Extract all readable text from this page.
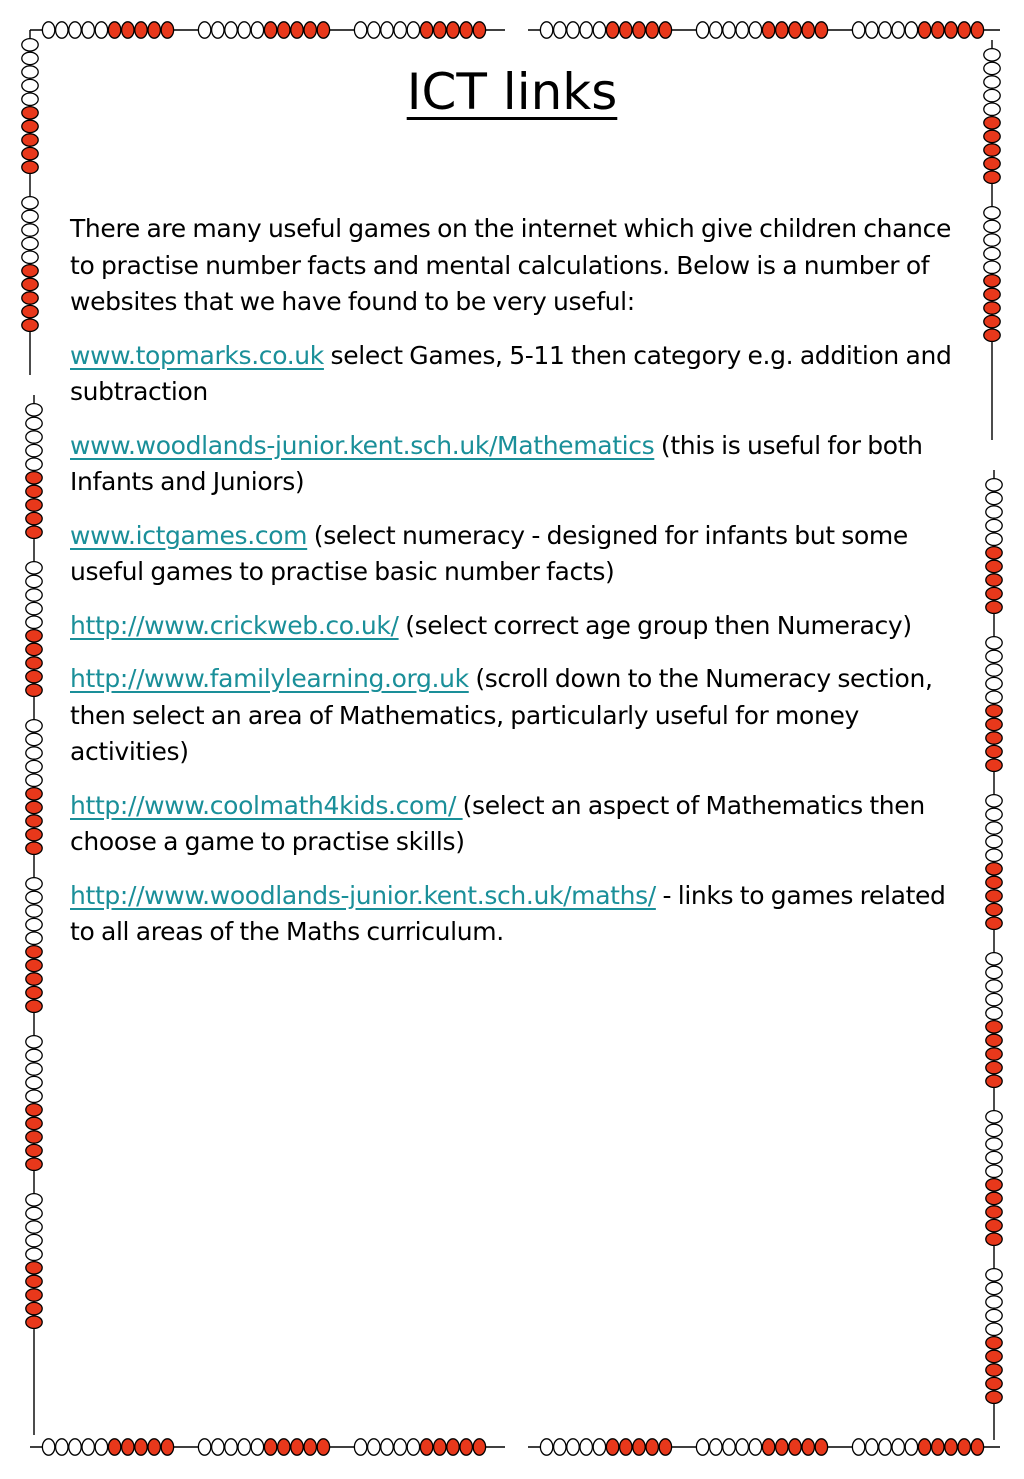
ICT links

There are many useful games on the internet which give children chance to practise number facts and mental calculations. Below is a number of websites that we have found to be very useful:

www.topmarks.co.uk select Games, 5-11 then category e.g. addition and subtraction

www.woodlands-junior.kent.sch.uk/Mathematics (this is useful for both Infants and Juniors)

www.ictgames.com (select numeracy - designed for infants but some useful games to practise basic number facts)

http://www.crickweb.co.uk/ (select correct age group then Numeracy)

http://www.familylearning.org.uk (scroll down to the Numeracy section, then select an area of Mathematics, particularly useful for money activities)

http://www.coolmath4kids.com/ (select an aspect of Mathematics then choose a game to practise skills)

http://www.woodlands-junior.kent.sch.uk/maths/ - links to games related to all areas of the Maths curriculum.
